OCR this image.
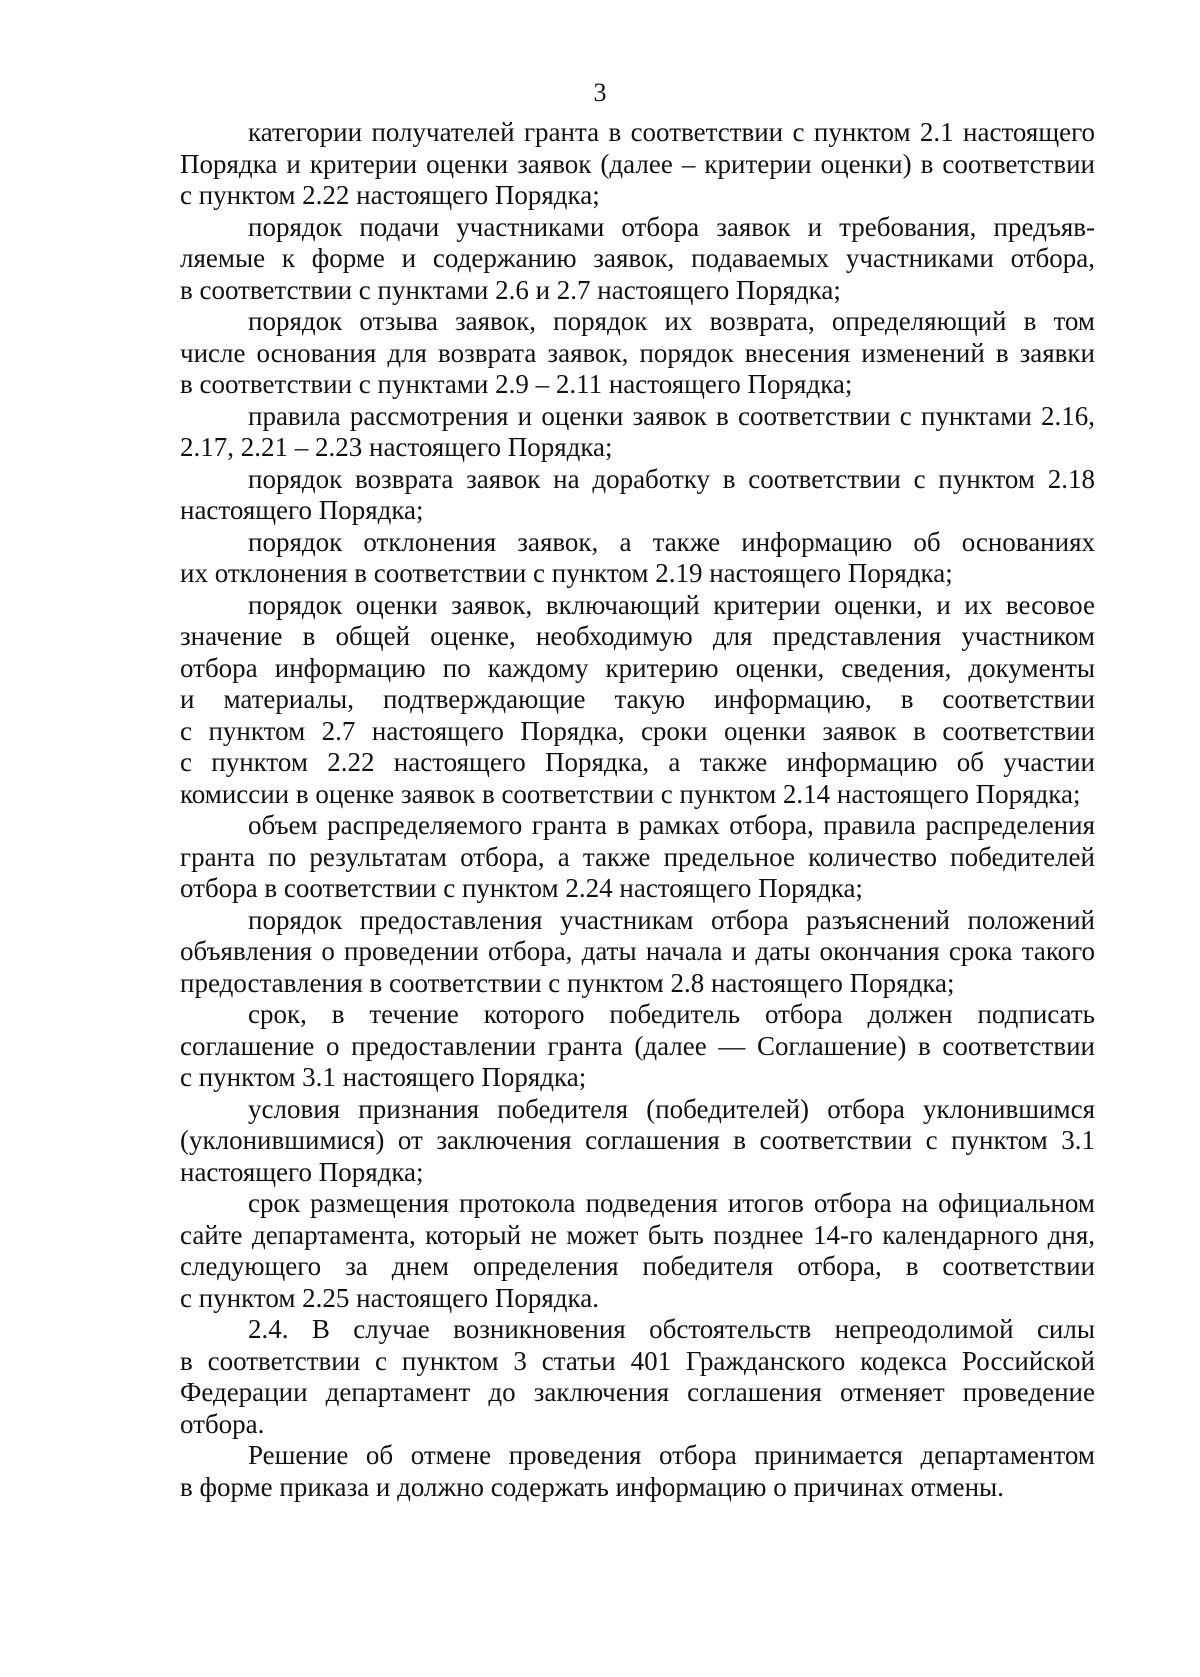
3
категории получателей гранта в соответствии с пунктом 2.1 настоящего
Порядка и критерии оценки заявок (далее – критерии оценки) в соответствии
с пунктом 2.22 настоящего Порядка;
порядок подачи участниками отбора заявок и требования, предъяв-
ляемые к форме и содержанию заявок, подаваемых участниками отбора,
в соответствии с пунктами 2.6 и 2.7 настоящего Порядка;
порядок отзыва заявок, порядок их возврата, определяющий в том
числе основания для возврата заявок, порядок внесения изменений в заявки
в соответствии с пунктами 2.9 – 2.11 настоящего Порядка;
правила рассмотрения и оценки заявок в соответствии с пунктами 2.16,
2.17, 2.21 – 2.23 настоящего Порядка;
порядок возврата заявок на доработку в соответствии с пунктом 2.18
настоящего Порядка;
порядок отклонения заявок, а также информацию об основаниях
их отклонения в соответствии с пунктом 2.19 настоящего Порядка;
порядок оценки заявок, включающий критерии оценки, и их весовое
значение в общей оценке, необходимую для представления участником
отбора информацию по каждому критерию оценки, сведения, документы
и материалы, подтверждающие такую информацию, в соответствии
с пунктом 2.7 настоящего Порядка, сроки оценки заявок в соответствии
с пунктом 2.22 настоящего Порядка, а также информацию об участии
комиссии в оценке заявок в соответствии с пунктом 2.14 настоящего Порядка;
объем распределяемого гранта в рамках отбора, правила распределения
гранта по результатам отбора, а также предельное количество победителей
отбора в соответствии с пунктом 2.24 настоящего Порядка;
порядок предоставления участникам отбора разъяснений положений
объявления о проведении отбора, даты начала и даты окончания срока такого
предоставления в соответствии с пунктом 2.8 настоящего Порядка;
срок, в течение которого победитель отбора должен подписать
соглашение о предоставлении гранта (далее — Соглашение) в соответствии
с пунктом 3.1 настоящего Порядка;
условия признания победителя (победителей) отбора уклонившимся
(уклонившимися) от заключения соглашения в соответствии с пунктом 3.1
настоящего Порядка;
срок размещения протокола подведения итогов отбора на официальном
сайте департамента, который не может быть позднее 14-го календарного дня,
следующего за днем определения победителя отбора, в соответствии
с пунктом 2.25 настоящего Порядка.
2.4. В случае возникновения обстоятельств непреодолимой силы
в соответствии с пунктом 3 статьи 401 Гражданского кодекса Российской
Федерации департамент до заключения соглашения отменяет проведение
отбора.
Решение об отмене проведения отбора принимается департаментом
в форме приказа и должно содержать информацию о причинах отмены.
